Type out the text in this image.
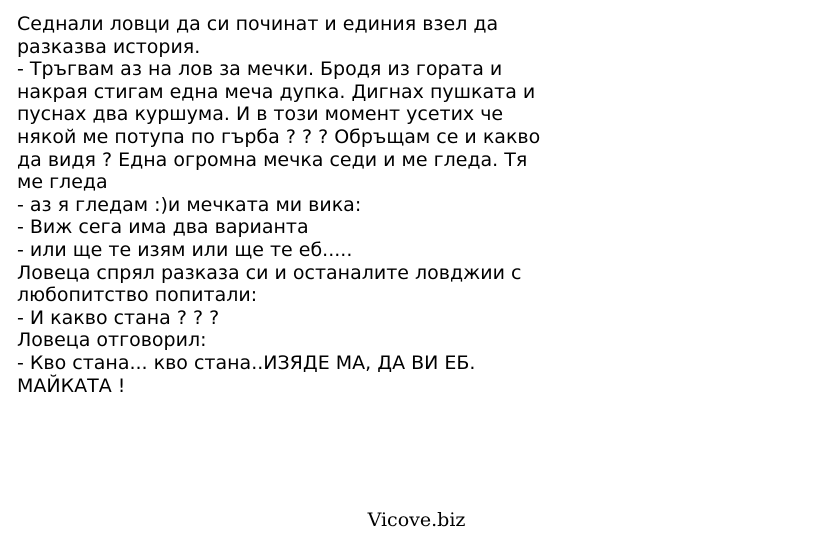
Седнали ловци да си починат и единия взел да
разказва история.
- Тръгвам аз на лов за мечки. Бродя из гората и
накрая стигам една меча дупка. Дигнах пушката и
пуснах два куршума. И в този момент усетих че
някой ме потупа по гърба ? ? ? Обръщам се и какво
да видя ? Една огромна мечка седи и ме гледа. Тя
ме гледа
- аз я гледам :)и мечката ми вика:
- Виж сега има два варианта
- или ще те изям или ще те еб.....
Ловеца спрял разказа си и останалите ловджии с
любопитство попитали:
- И какво стана ? ? ?
Ловеца отговорил:
- Кво стана... кво стана..ИЗЯДЕ МА, ДА ВИ ЕБ.
МАЙКАТА !
Vicove.biz
